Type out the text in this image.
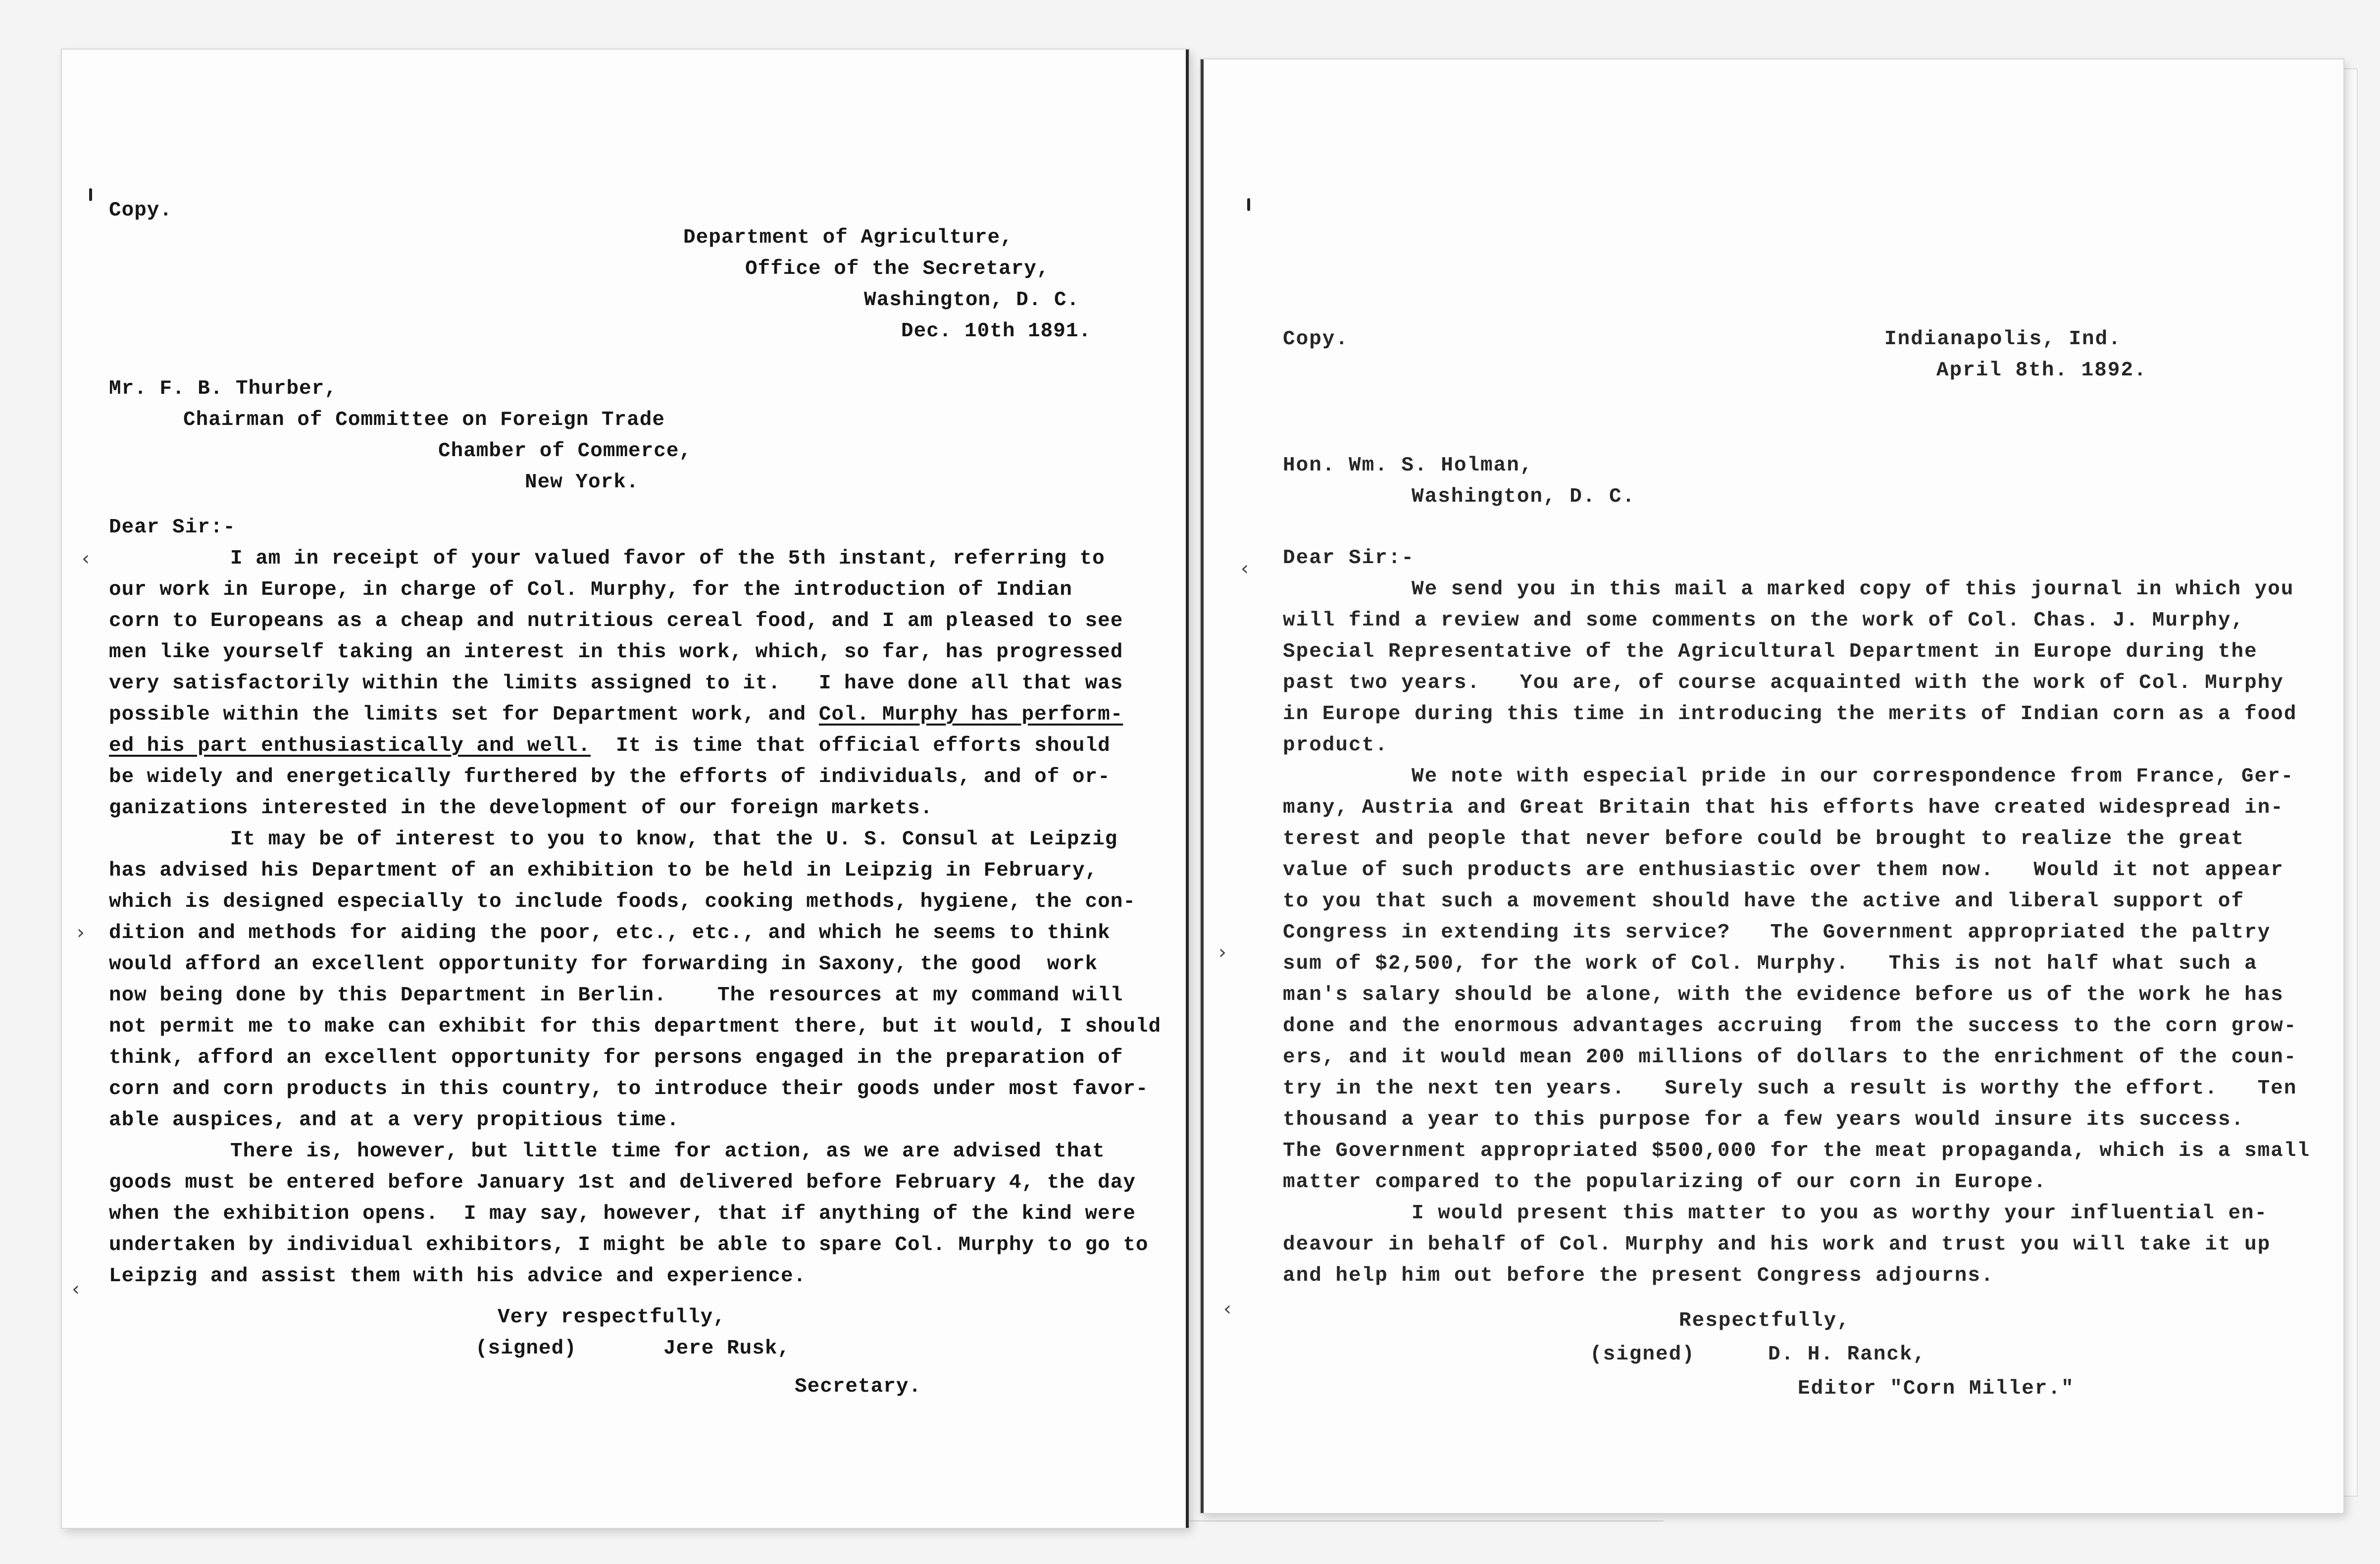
Copy.
Department of Agriculture,
Office of the Secretary,
Washington, D. C.
Dec. 10th 1891.
Mr. F. B. Thurber,
Chairman of Committee on Foreign Trade
Chamber of Commerce,
New York.
Dear Sir:-
‹
›
‹
I am in receipt of your valued favor of the 5th instant, referring to
our work in Europe, in charge of Col. Murphy, for the introduction of Indian
corn to Europeans as a cheap and nutritious cereal food, and I am pleased to see
men like yourself taking an interest in this work, which, so far, has progressed
very satisfactorily within the limits assigned to it.   I have done all that was
possible within the limits set for Department work, and Col. Murphy has perform-
ed his part enthusiastically and well.  It is time that official efforts should
be widely and energetically furthered by the efforts of individuals, and of or-
ganizations interested in the development of our foreign markets.
It may be of interest to you to know, that the U. S. Consul at Leipzig
has advised his Department of an exhibition to be held in Leipzig in February,
which is designed especially to include foods, cooking methods, hygiene, the con-
dition and methods for aiding the poor, etc., etc., and which he seems to think
would afford an excellent opportunity for forwarding in Saxony, the good  work
now being done by this Department in Berlin.    The resources at my command will
not permit me to make can exhibit for this department there, but it would, I should
think, afford an excellent opportunity for persons engaged in the preparation of
corn and corn products in this country, to introduce their goods under most favor-
able auspices, and at a very propitious time.
There is, however, but little time for action, as we are advised that
goods must be entered before January 1st and delivered before February 4, the day
when the exhibition opens.  I may say, however, that if anything of the kind were
undertaken by individual exhibitors, I might be able to spare Col. Murphy to go to
Leipzig and assist them with his advice and experience.
Very respectfully,
(signed)	Jere Rusk,
Secretary.
Copy.	Indianapolis, Ind.
April 8th. 1892.
Hon. Wm. S. Holman,
Washington, D. C.
Dear Sir:-
‹
›
‹
We send you in this mail a marked copy of this journal in which you
will find a review and some comments on the work of Col. Chas. J. Murphy,
Special Representative of the Agricultural Department in Europe during the
past two years.   You are, of course acquainted with the work of Col. Murphy
in Europe during this time in introducing the merits of Indian corn as a food
product.
We note with especial pride in our correspondence from France, Ger-
many, Austria and Great Britain that his efforts have created widespread in-
terest and people that never before could be brought to realize the great
value of such products are enthusiastic over them now.   Would it not appear
to you that such a movement should have the active and liberal support of
Congress in extending its service?   The Government appropriated the paltry
sum of $2,500, for the work of Col. Murphy.   This is not half what such a
man's salary should be alone, with the evidence before us of the work he has
done and the enormous advantages accruing  from the success to the corn grow-
ers, and it would mean 200 millions of dollars to the enrichment of the coun-
try in the next ten years.   Surely such a result is worthy the effort.   Ten
thousand a year to this purpose for a few years would insure its success.
The Government appropriated $500,000 for the meat propaganda, which is a small
matter compared to the popularizing of our corn in Europe.
I would present this matter to you as worthy your influential en-
deavour in behalf of Col. Murphy and his work and trust you will take it up
and help him out before the present Congress adjourns.
Respectfully,
(signed)	D. H. Ranck,
Editor "Corn Miller."
